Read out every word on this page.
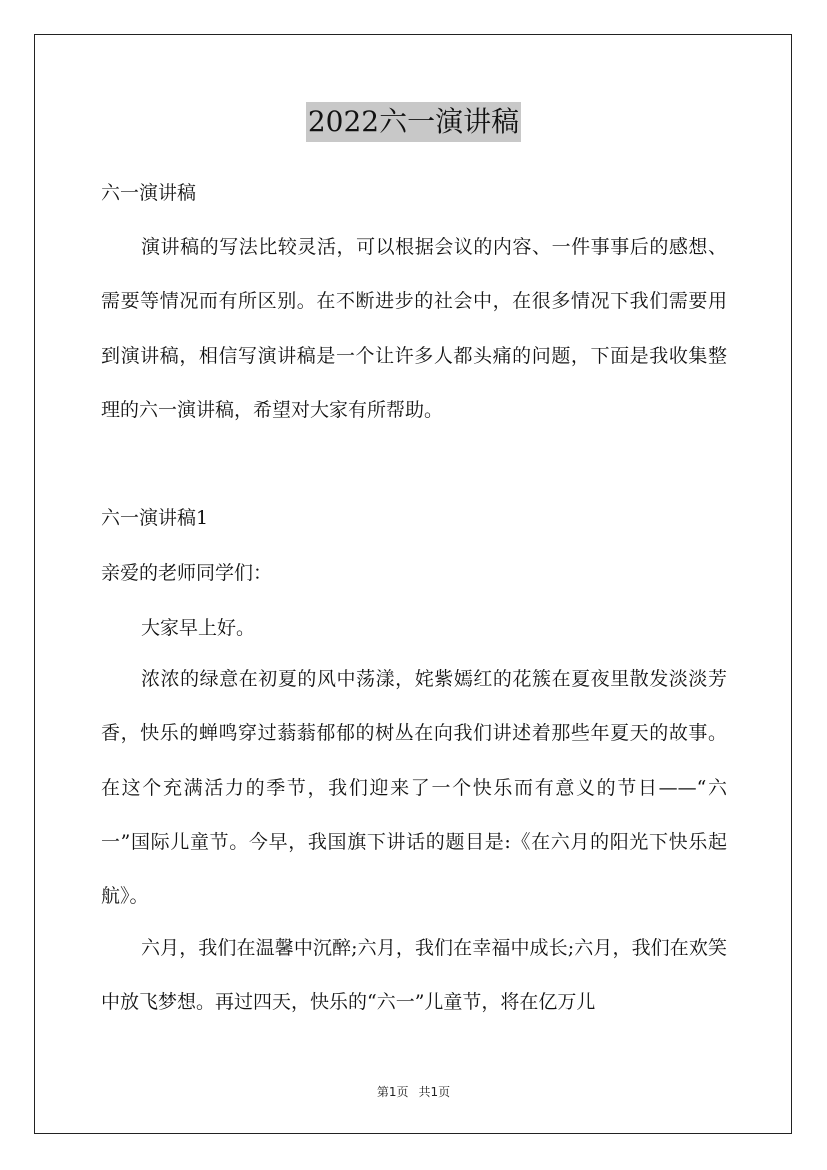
2022六一演讲稿

六一演讲稿

演讲稿的写法比较灵活，可以根据会议的内容、一件事事后的感想、需要等情况而有所区别。在不断进步的社会中，在很多情况下我们需要用到演讲稿，相信写演讲稿是一个让许多人都头痛的问题，下面是我收集整理的六一演讲稿，希望对大家有所帮助。

六一演讲稿1

亲爱的老师同学们：

大家早上好。

浓浓的绿意在初夏的风中荡漾，姹紫嫣红的花簇在夏夜里散发淡淡芳香，快乐的蝉鸣穿过蓊蓊郁郁的树丛在向我们讲述着那些年夏天的故事。在这个充满活力的季节，我们迎来了一个快乐而有意义的节日——“六一”国际儿童节。今早，我国旗下讲话的题目是:《在六月的阳光下快乐起航》。

六月，我们在温馨中沉醉;六月，我们在幸福中成长;六月，我们在欢笑中放飞梦想。再过四天，快乐的“六一”儿童节，将在亿万儿

第1页 共1页
